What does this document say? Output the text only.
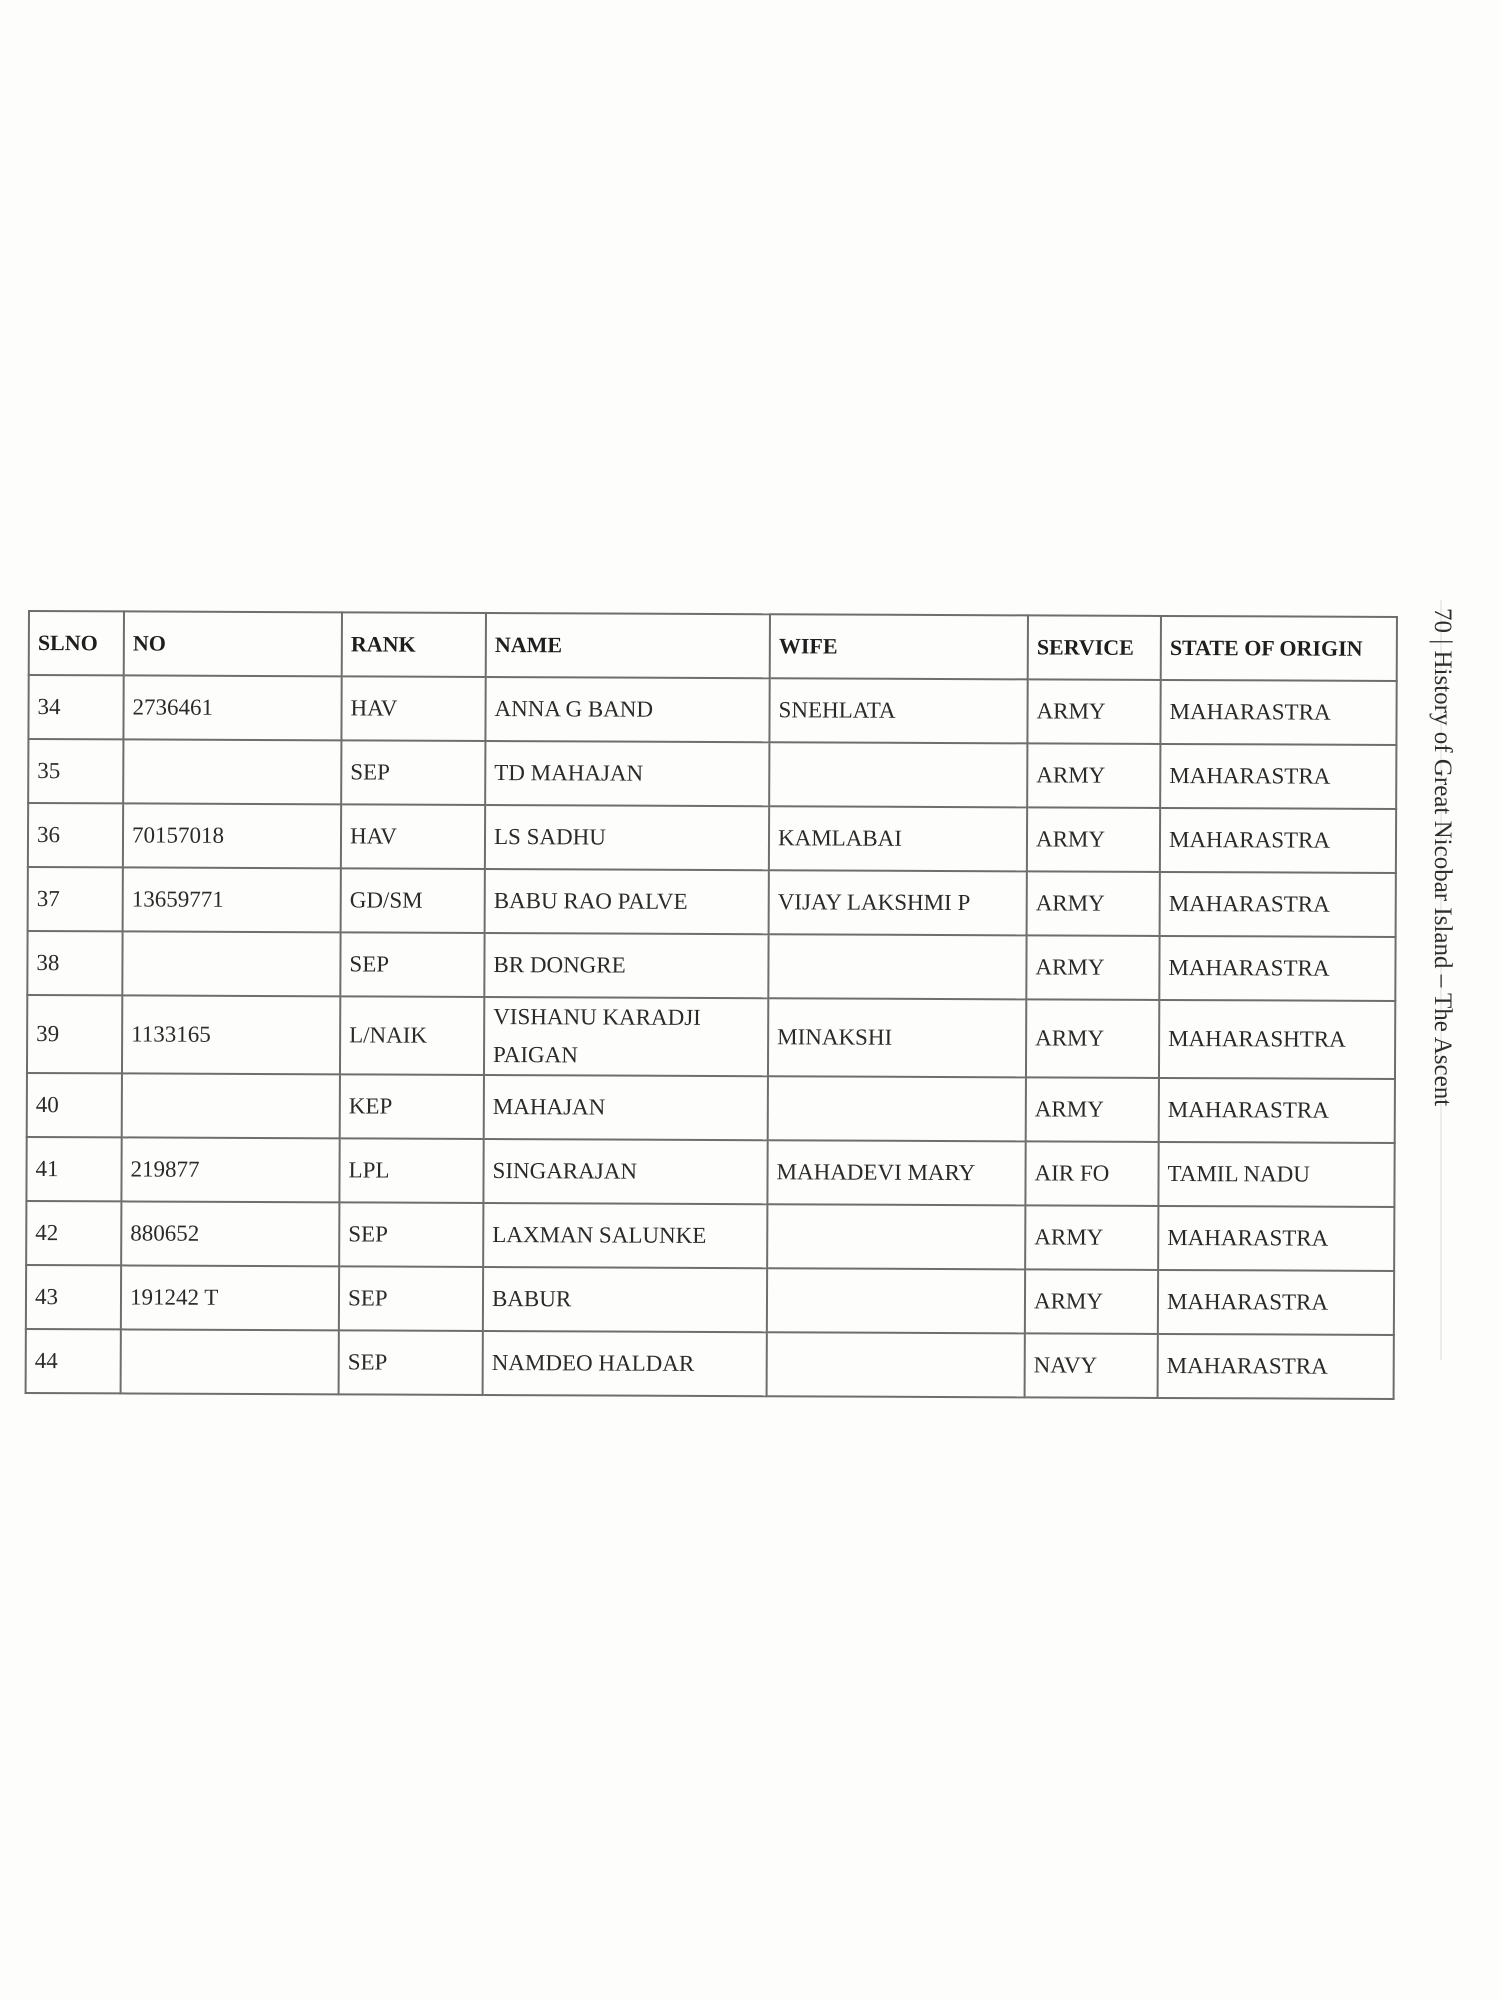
SLNO	NO	RANK	NAME	WIFE	SERVICE	STATE OF ORIGIN
34	2736461	HAV	ANNA G BAND	SNEHLATA	ARMY	MAHARASTRA
35		SEP	TD MAHAJAN		ARMY	MAHARASTRA
36	70157018	HAV	LS SADHU	KAMLABAI	ARMY	MAHARASTRA
37	13659771	GD/SM	BABU RAO PALVE	VIJAY LAKSHMI P	ARMY	MAHARASTRA
38		SEP	BR DONGRE		ARMY	MAHARASTRA
39	1133165	L/NAIK	VISHANU KARADJI PAIGAN	MINAKSHI	ARMY	MAHARASHTRA
40		KEP	MAHAJAN		ARMY	MAHARASTRA
41	219877	LPL	SINGARAJAN	MAHADEVI MARY	AIR FO	TAMIL NADU
42	880652	SEP	LAXMAN SALUNKE		ARMY	MAHARASTRA
43	191242 T	SEP	BABUR		ARMY	MAHARASTRA
44		SEP	NAMDEO HALDAR		NAVY	MAHARASTRA
70 | History of Great Nicobar Island – The Ascent
